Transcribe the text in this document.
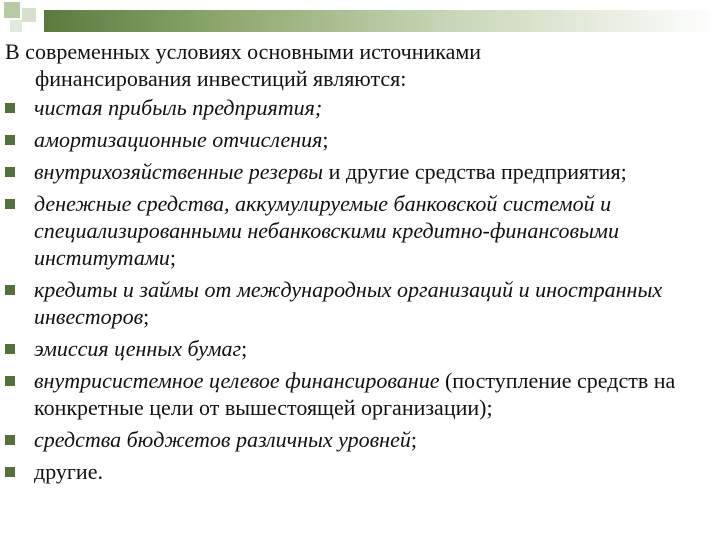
В современных условиях основными источниками
финансирования инвестиций являются:

чистая прибыль предприятия;
амортизационные отчисления;
внутрихозяйственные резервы и другие средства предприятия;
денежные средства, аккумулируемые банковской системой и специализированными небанковскими кредитно-финансовыми институтами;
кредиты и займы от международных организаций и иностранных инвесторов;
эмиссия ценных бумаг;
внутрисистемное целевое финансирование (поступление средств на конкретные цели от вышестоящей организации);
средства бюджетов различных уровней;
другие.
